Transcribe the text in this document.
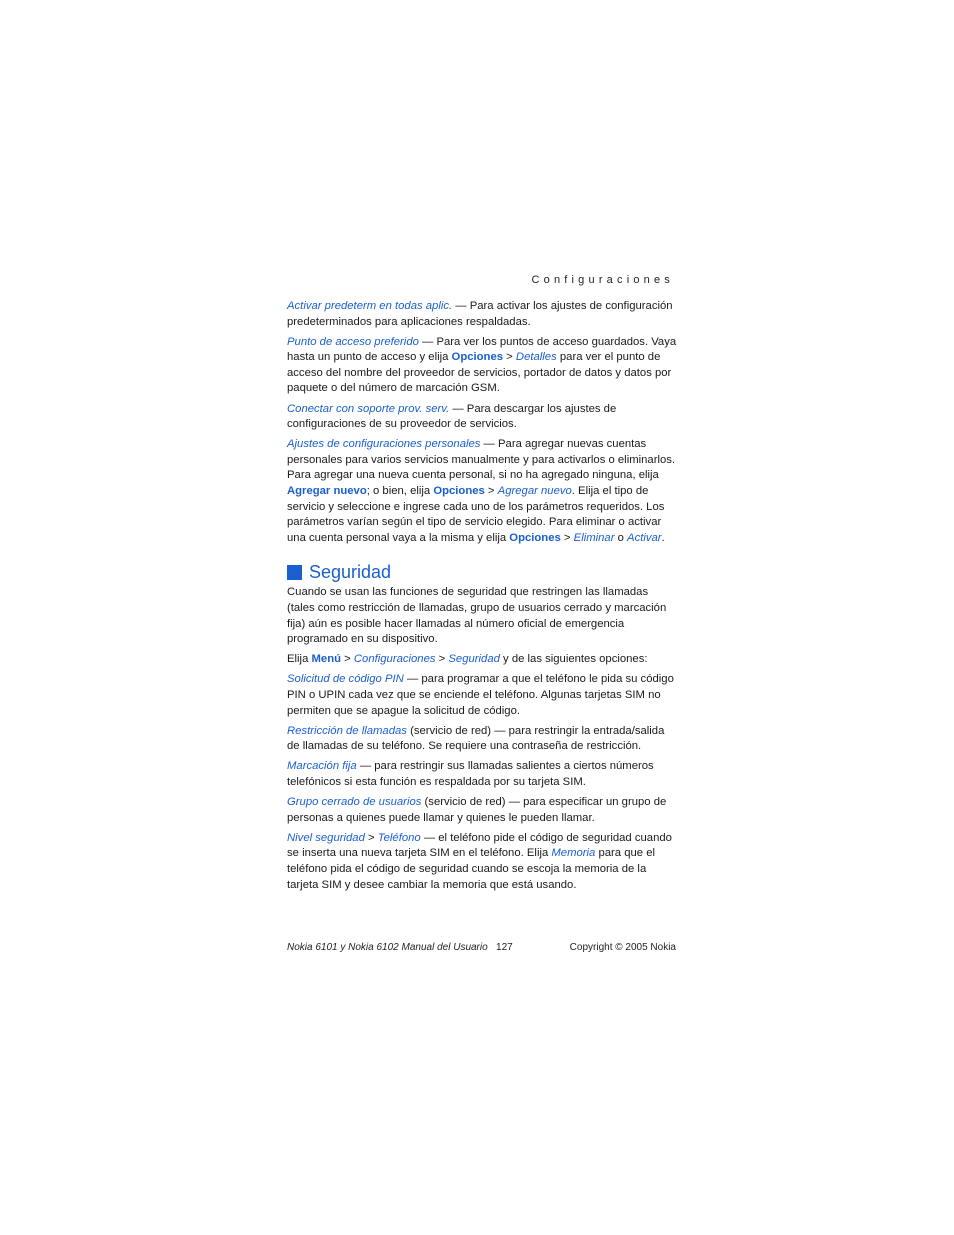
Configuraciones

Activar predeterm en todas aplic. — Para activar los ajustes de configuración predeterminados para aplicaciones respaldadas.

Punto de acceso preferido — Para ver los puntos de acceso guardados. Vaya hasta un punto de acceso y elija Opciones > Detalles para ver el punto de acceso del nombre del proveedor de servicios, portador de datos y datos por paquete o del número de marcación GSM.

Conectar con soporte prov. serv. — Para descargar los ajustes de configuraciones de su proveedor de servicios.

Ajustes de configuraciones personales — Para agregar nuevas cuentas personales para varios servicios manualmente y para activarlos o eliminarlos. Para agregar una nueva cuenta personal, si no ha agregado ninguna, elija Agregar nuevo; o bien, elija Opciones > Agregar nuevo. Elija el tipo de servicio y seleccione e ingrese cada uno de los parámetros requeridos. Los parámetros varían según el tipo de servicio elegido. Para eliminar o activar una cuenta personal vaya a la misma y elija Opciones > Eliminar o Activar.

Seguridad

Cuando se usan las funciones de seguridad que restringen las llamadas (tales como restricción de llamadas, grupo de usuarios cerrado y marcación fija) aún es posible hacer llamadas al número oficial de emergencia programado en su dispositivo.

Elija Menú > Configuraciones > Seguridad y de las siguientes opciones:

Solicitud de código PIN — para programar a que el teléfono le pida su código PIN o UPIN cada vez que se enciende el teléfono. Algunas tarjetas SIM no permiten que se apague la solicitud de código.

Restricción de llamadas (servicio de red) — para restringir la entrada/salida de llamadas de su teléfono. Se requiere una contraseña de restricción.

Marcación fija — para restringir sus llamadas salientes a ciertos números telefónicos si esta función es respaldada por su tarjeta SIM.

Grupo cerrado de usuarios (servicio de red) — para especificar un grupo de personas a quienes puede llamar y quienes le pueden llamar.

Nivel seguridad > Teléfono — el teléfono pide el código de seguridad cuando se inserta una nueva tarjeta SIM en el teléfono. Elija Memoria para que el teléfono pida el código de seguridad cuando se escoja la memoria de la tarjeta SIM y desee cambiar la memoria que está usando.

Nokia 6101 y Nokia 6102 Manual del Usuario 127	Copyright © 2005 Nokia
